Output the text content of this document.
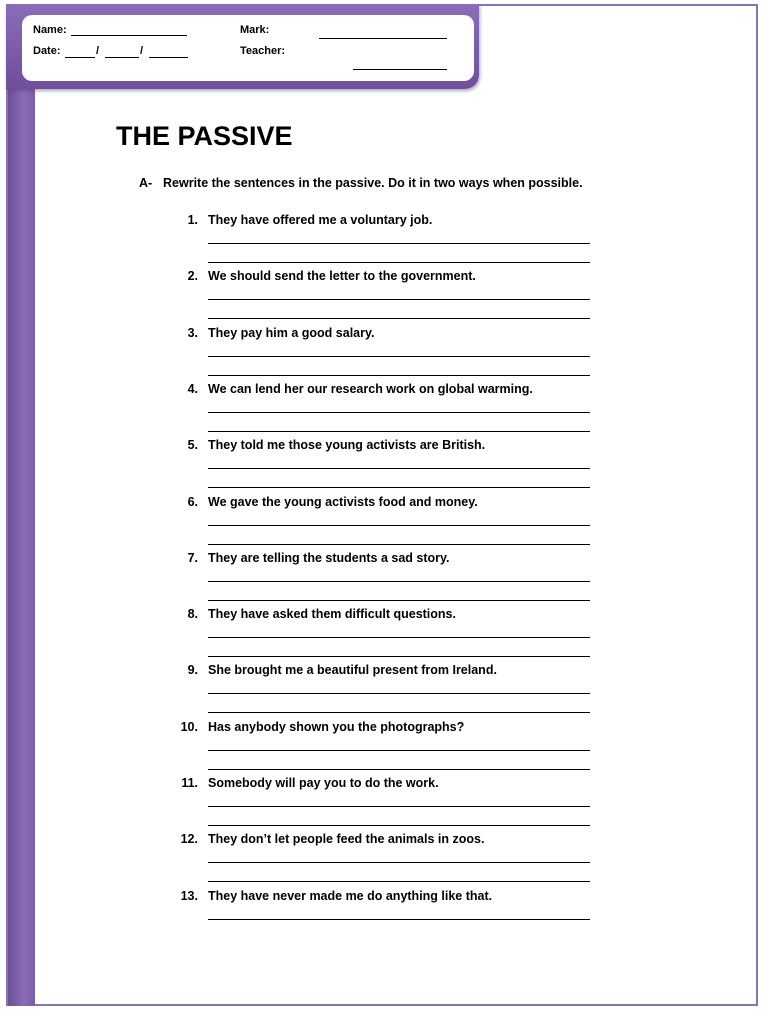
Name:
Date:	/	/
Mark:
Teacher:
THE PASSIVE
A- Rewrite the sentences in the passive. Do it in two ways when possible.
1. They have offered me a voluntary job.
2. We should send the letter to the government.
3. They pay him a good salary.
4. We can lend her our research work on global warming.
5. They told me those young activists are British.
6. We gave the young activists food and money.
7. They are telling the students a sad story.
8. They have asked them difficult questions.
9. She brought me a beautiful present from Ireland.
10. Has anybody shown you the photographs?
11. Somebody will pay you to do the work.
12. They don’t let people feed the animals in zoos.
13. They have never made me do anything like that.
